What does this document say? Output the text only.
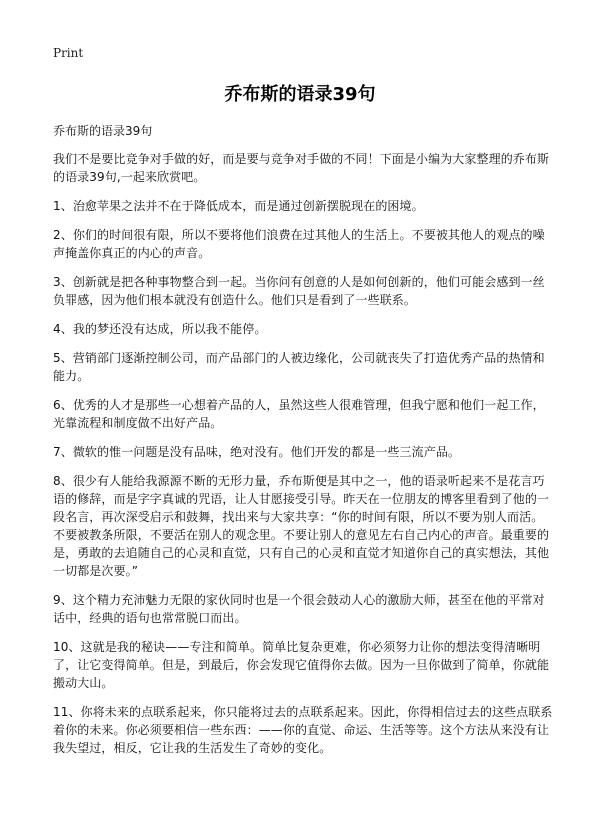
Print
乔布斯的语录39句

乔布斯的语录39句

我们不是要比竞争对手做的好，而是要与竞争对手做的不同！下面是小编为大家整理的乔布斯的语录39句,一起来欣赏吧。

1、治愈苹果之法并不在于降低成本，而是通过创新摆脱现在的困境。

2、你们的时间很有限，所以不要将他们浪费在过其他人的生活上。不要被其他人的观点的噪声掩盖你真正的内心的声音。

3、创新就是把各种事物整合到一起。当你问有创意的人是如何创新的，他们可能会感到一丝负罪感，因为他们根本就没有创造什么。他们只是看到了一些联系。

4、我的梦还没有达成，所以我不能停。

5、营销部门逐渐控制公司，而产品部门的人被边缘化，公司就丧失了打造优秀产品的热情和能力。

6、优秀的人才是那些一心想着产品的人，虽然这些人很难管理，但我宁愿和他们一起工作，光靠流程和制度做不出好产品。

7、微软的惟一问题是没有品味，绝对没有。他们开发的都是一些三流产品。

8、很少有人能给我源源不断的无形力量，乔布斯便是其中之一，他的语录听起来不是花言巧语的修辞，而是字字真诚的咒语，让人甘愿接受引导。昨天在一位朋友的博客里看到了他的一段名言，再次深受启示和鼓舞，找出来与大家共享：“你的时间有限，所以不要为别人而活。不要被教条所限，不要活在别人的观念里。不要让别人的意见左右自己内心的声音。最重要的是，勇敢的去追随自己的心灵和直觉，只有自己的心灵和直觉才知道你自己的真实想法，其他一切都是次要。”

9、这个精力充沛魅力无限的家伙同时也是一个很会鼓动人心的激励大师，甚至在他的平常对话中，经典的语句也常常脱口而出。

10、这就是我的秘诀——专注和简单。简单比复杂更难，你必须努力让你的想法变得清晰明了，让它变得简单。但是，到最后，你会发现它值得你去做。因为一旦你做到了简单，你就能搬动大山。

11、你将未来的点联系起来，你只能将过去的点联系起来。因此，你得相信过去的这些点联系着你的未来。你必须要相信一些东西：——你的直觉、命运、生活等等。这个方法从来没有让我失望过，相反，它让我的生活发生了奇妙的变化。
